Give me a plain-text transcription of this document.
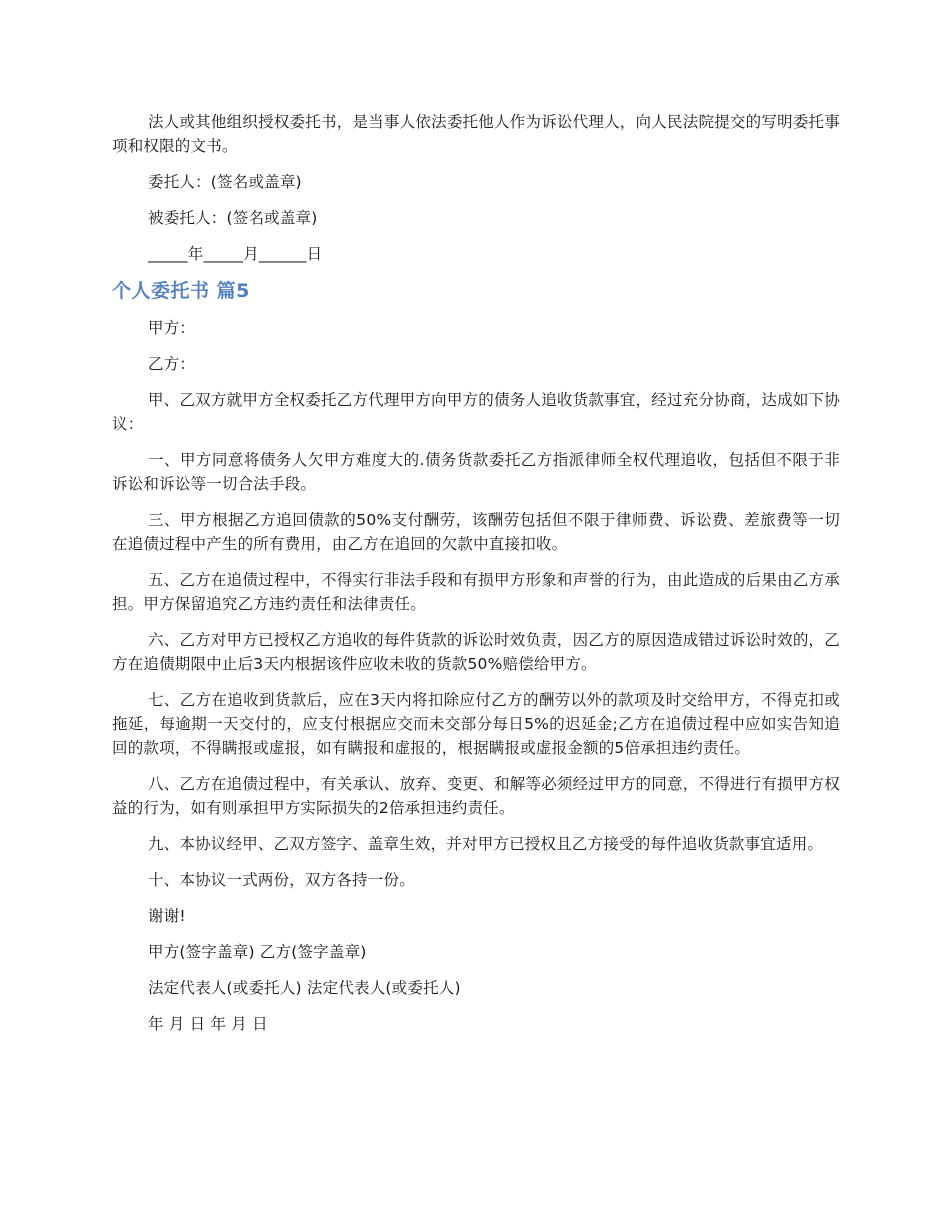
法人或其他组织授权委托书，是当事人依法委托他人作为诉讼代理人，向人民法院提交的写明委托事项和权限的文书。

委托人：(签名或盖章)

被委托人：(签名或盖章)

_____年_____月______日

个人委托书 篇5

甲方：

乙方：

甲、乙双方就甲方全权委托乙方代理甲方向甲方的债务人追收货款事宜，经过充分协商，达成如下协议：

一、甲方同意将债务人欠甲方难度大的.债务货款委托乙方指派律师全权代理追收，包括但不限于非诉讼和诉讼等一切合法手段。

三、甲方根据乙方追回债款的50%支付酬劳，该酬劳包括但不限于律师费、诉讼费、差旅费等一切在追债过程中产生的所有费用，由乙方在追回的欠款中直接扣收。

五、乙方在追债过程中，不得实行非法手段和有损甲方形象和声誉的行为，由此造成的后果由乙方承担。甲方保留追究乙方违约责任和法律责任。

六、乙方对甲方已授权乙方追收的每件货款的诉讼时效负责，因乙方的原因造成错过诉讼时效的，乙方在追债期限中止后3天内根据该件应收未收的货款50%赔偿给甲方。

七、乙方在追收到货款后，应在3天内将扣除应付乙方的酬劳以外的款项及时交给甲方，不得克扣或拖延，每逾期一天交付的，应支付根据应交而未交部分每日5%的迟延金;乙方在追债过程中应如实告知追回的款项，不得瞒报或虚报，如有瞒报和虚报的，根据瞒报或虚报金额的5倍承担违约责任。

八、乙方在追债过程中，有关承认、放弃、变更、和解等必须经过甲方的同意，不得进行有损甲方权益的行为，如有则承担甲方实际损失的2倍承担违约责任。

九、本协议经甲、乙双方签字、盖章生效，并对甲方已授权且乙方接受的每件追收货款事宜适用。

十、本协议一式两份，双方各持一份。

谢谢!

甲方(签字盖章) 乙方(签字盖章)

法定代表人(或委托人) 法定代表人(或委托人)

年 月 日 年 月 日
